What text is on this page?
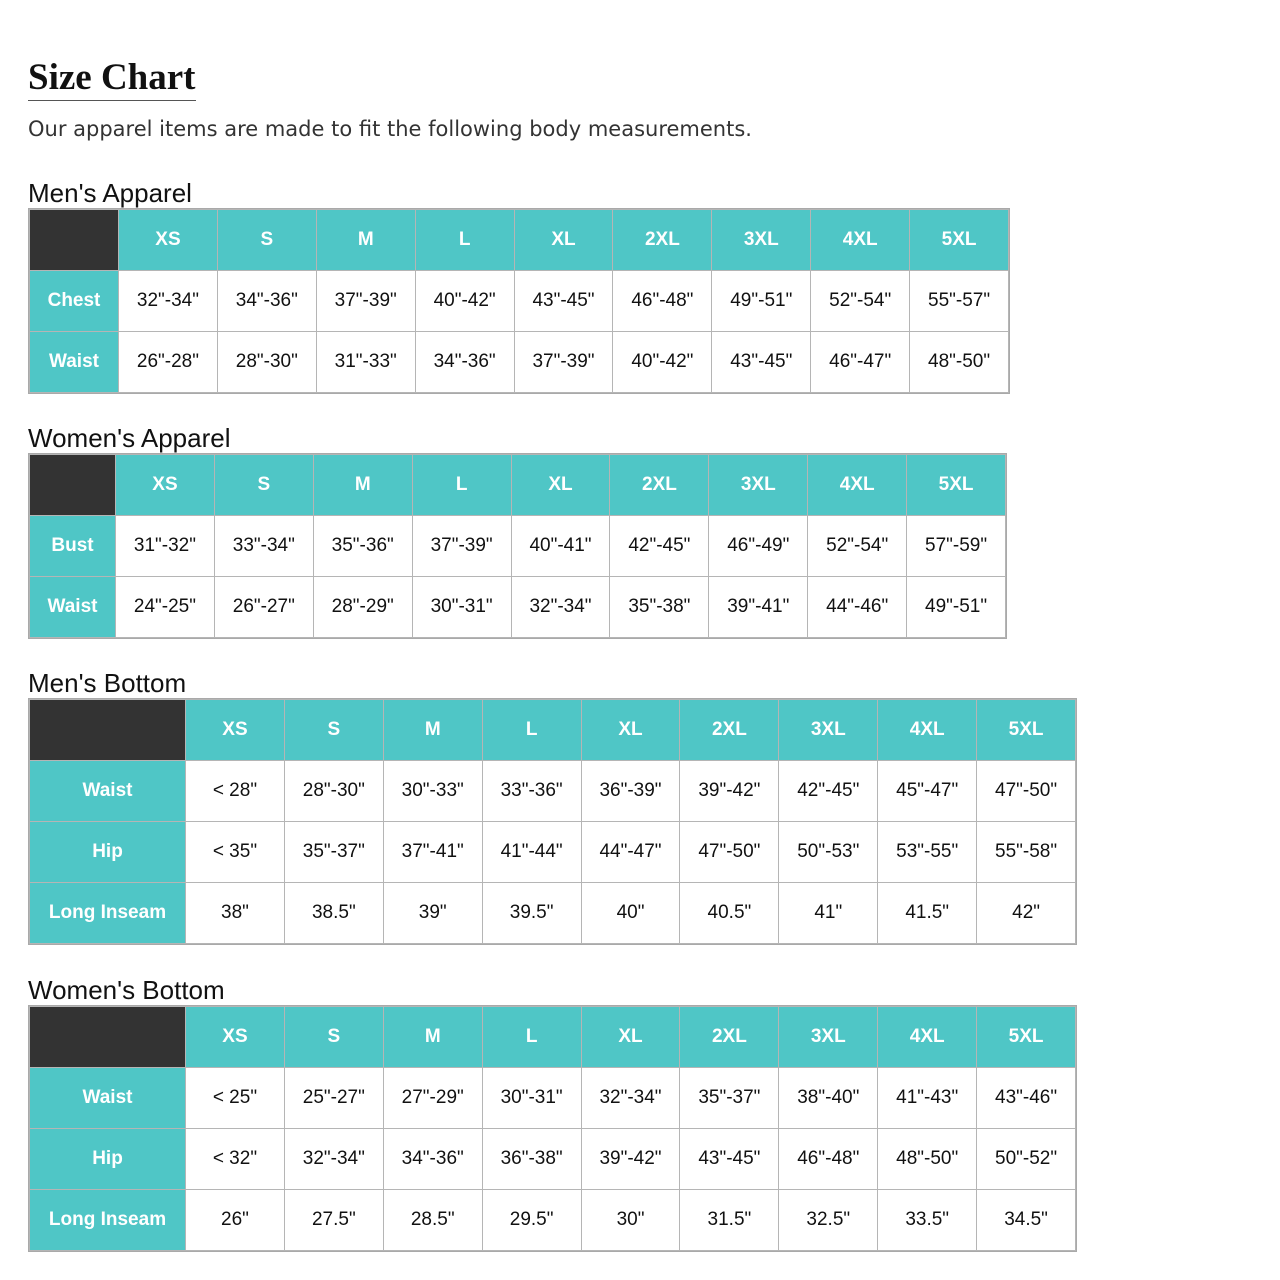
Size Chart
Our apparel items are made to fit the following body measurements.
Men's Apparel
	XS	S	M	L	XL	2XL	3XL	4XL	5XL
Chest	32"-34"	34"-36"	37"-39"	40"-42"	43"-45"	46"-48"	49"-51"	52"-54"	55"-57"
Waist	26"-28"	28"-30"	31"-33"	34"-36"	37"-39"	40"-42"	43"-45"	46"-47"	48"-50"
Women's Apparel
	XS	S	M	L	XL	2XL	3XL	4XL	5XL
Bust	31"-32"	33"-34"	35"-36"	37"-39"	40"-41"	42"-45"	46"-49"	52"-54"	57"-59"
Waist	24"-25"	26"-27"	28"-29"	30"-31"	32"-34"	35"-38"	39"-41"	44"-46"	49"-51"
Men's Bottom
	XS	S	M	L	XL	2XL	3XL	4XL	5XL
Waist	< 28"	28"-30"	30"-33"	33"-36"	36"-39"	39"-42"	42"-45"	45"-47"	47"-50"
Hip	< 35"	35"-37"	37"-41"	41"-44"	44"-47"	47"-50"	50"-53"	53"-55"	55"-58"
Long Inseam	38"	38.5"	39"	39.5"	40"	40.5"	41"	41.5"	42"
Women's Bottom
	XS	S	M	L	XL	2XL	3XL	4XL	5XL
Waist	< 25"	25"-27"	27"-29"	30"-31"	32"-34"	35"-37"	38"-40"	41"-43"	43"-46"
Hip	< 32"	32"-34"	34"-36"	36"-38"	39"-42"	43"-45"	46"-48"	48"-50"	50"-52"
Long Inseam	26"	27.5"	28.5"	29.5"	30"	31.5"	32.5"	33.5"	34.5"
